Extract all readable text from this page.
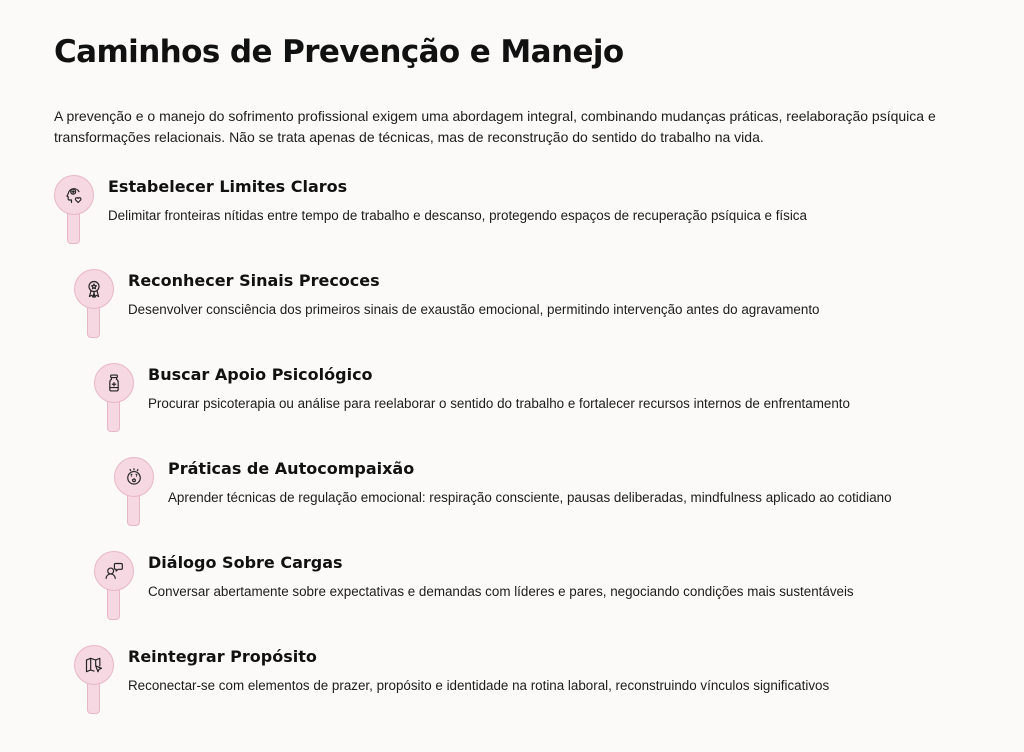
Caminhos de Prevenção e Manejo

A prevenção e o manejo do sofrimento profissional exigem uma abordagem integral, combinando mudanças práticas, reelaboração psíquica e transformações relacionais. Não se trata apenas de técnicas, mas de reconstrução do sentido do trabalho na vida.

Estabelecer Limites Claros

Delimitar fronteiras nítidas entre tempo de trabalho e descanso, protegendo espaços de recuperação psíquica e física

Reconhecer Sinais Precoces

Desenvolver consciência dos primeiros sinais de exaustão emocional, permitindo intervenção antes do agravamento

Buscar Apoio Psicológico

Procurar psicoterapia ou análise para reelaborar o sentido do trabalho e fortalecer recursos internos de enfrentamento

Práticas de Autocompaixão

Aprender técnicas de regulação emocional: respiração consciente, pausas deliberadas, mindfulness aplicado ao cotidiano

Diálogo Sobre Cargas

Conversar abertamente sobre expectativas e demandas com líderes e pares, negociando condições mais sustentáveis

Reintegrar Propósito

Reconectar-se com elementos de prazer, propósito e identidade na rotina laboral, reconstruindo vínculos significativos
